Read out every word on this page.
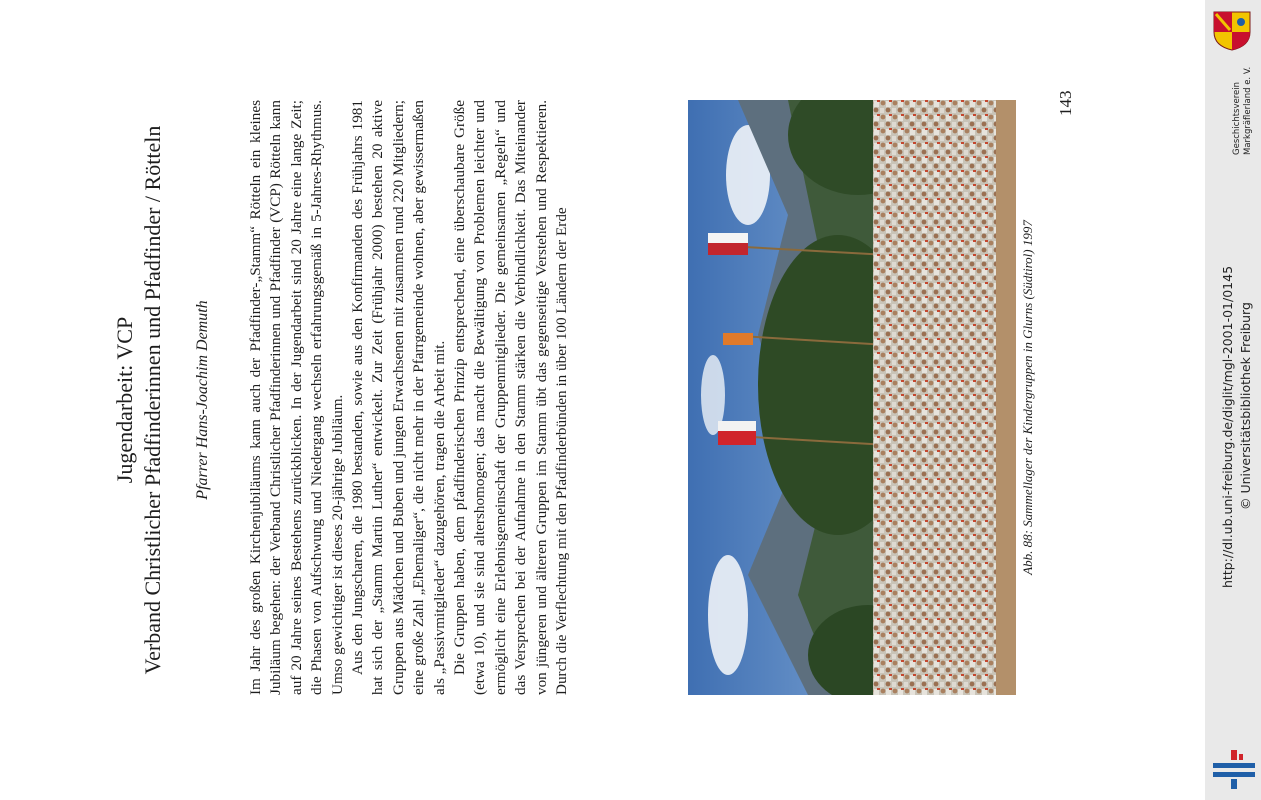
Jugendarbeit: VCP Verband Christlicher Pfadfinderinnen und Pfadfinder / Rötteln Pfarrer Hans-Joachim Demuth Im Jahr des großen Kirchenjubiläums kann auch der Pfadfinder-„Stamm“ Rötteln ein kleines Jubiläum begehen: der Verband Christlicher Pfadfinderinnen und Pfadfinder (VCP) Rötteln kann auf 20 Jahre seines Bestehens zurückblicken. In der Jugendarbeit sind 20 Jahre eine lange Zeit; die Phasen von Aufschwung und Niedergang wechseln erfahrungsgemäß in 5-Jahres-Rhythmus. Umso gewichtiger ist dieses 20-jährige Jubiläum. Aus den Jungscharen, die 1980 bestanden, sowie aus den Konfirmanden des Frühjahrs 1981 hat sich der „Stamm Martin Luther“ entwickelt. Zur Zeit (Frühjahr 2000) bestehen 20 aktive Gruppen aus Mädchen und Buben und jungen Erwachsenen mit zusammen rund 220 Mitgliedern; eine große Zahl „Ehemaliger“, die nicht mehr in der Pfarrgemeinde wohnen, aber gewissermaßen als „Passivmitglieder“ dazugehören, tragen die Arbeit mit. Die Gruppen haben, dem pfadfinderischen Prinzip entsprechend, eine überschaubare Größe (etwa 10), und sie sind altershomogen; das macht die Bewältigung von Problemen leichter und ermöglicht eine Erlebnisgemeinschaft der Gruppenmitglieder. Die gemeinsamen „Regeln“ und das Versprechen bei der Aufnahme in den Stamm stärken die Verbindlichkeit. Das Miteinander von jüngeren und älteren Gruppen im Stamm übt das gegenseitige Verstehen und Respektieren. Durch die Verflechtung mit den Pfadfinderbünden in über 100 Ländern der Erde	Abb. 88: Sammellager der Kindergruppen in Glurns (Südtirol) 1997
143	Geschichtsverein Markgräflerland e. V.
http://dl.ub.uni-freiburg.de/diglit/mgl-2001-01/0145 © Universitätsbibliothek Freiburg
